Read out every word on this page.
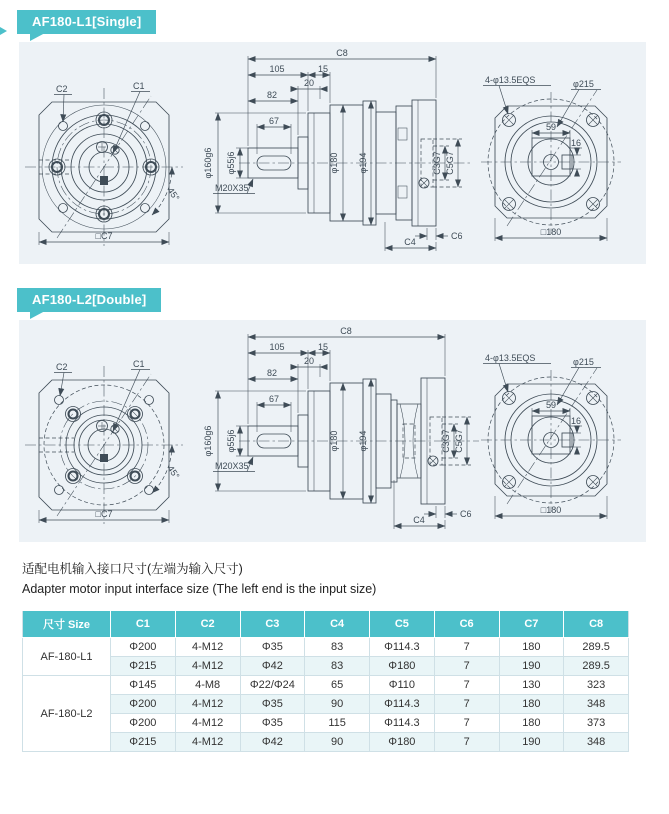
AF180-L1[Single]
45°
C2	C1
□C7
C8
105	15
20
82
67
φ160g6 φ55j6
M20X35
φ180 φ194	C3G7 C5G7
C6
C4
4-φ13.5EQS	φ215
59
16
□180
AF180-L2[Double]
45°
C2	C1
□C7
C8
105	15
20
82
67
φ160g6 φ55j6
M20X35
φ180 φ194	C3G7 C5G7
C6
C4
4-φ13.5EQS	φ215
59
16
□180
适配电机输入接口尺寸(左端为输入尺寸)
Adapter motor input interface size (The left end is the input size)
尺寸 Size	C1	C2	C3	C4	C5	C6	C7	C8
AF-180-L1	Φ200	4-M12	Φ35	83	Φ114.3	7	180	289.5
	Φ215	4-M12	Φ42	83	Φ180	7	190	289.5
AF-180-L2	Φ145	4-M8	Φ22/Φ24	65	Φ110	7	130	323
	Φ200	4-M12	Φ35	90	Φ114.3	7	180	348
	Φ200	4-M12	Φ35	115	Φ114.3	7	180	373
	Φ215	4-M12	Φ42	90	Φ180	7	190	348
